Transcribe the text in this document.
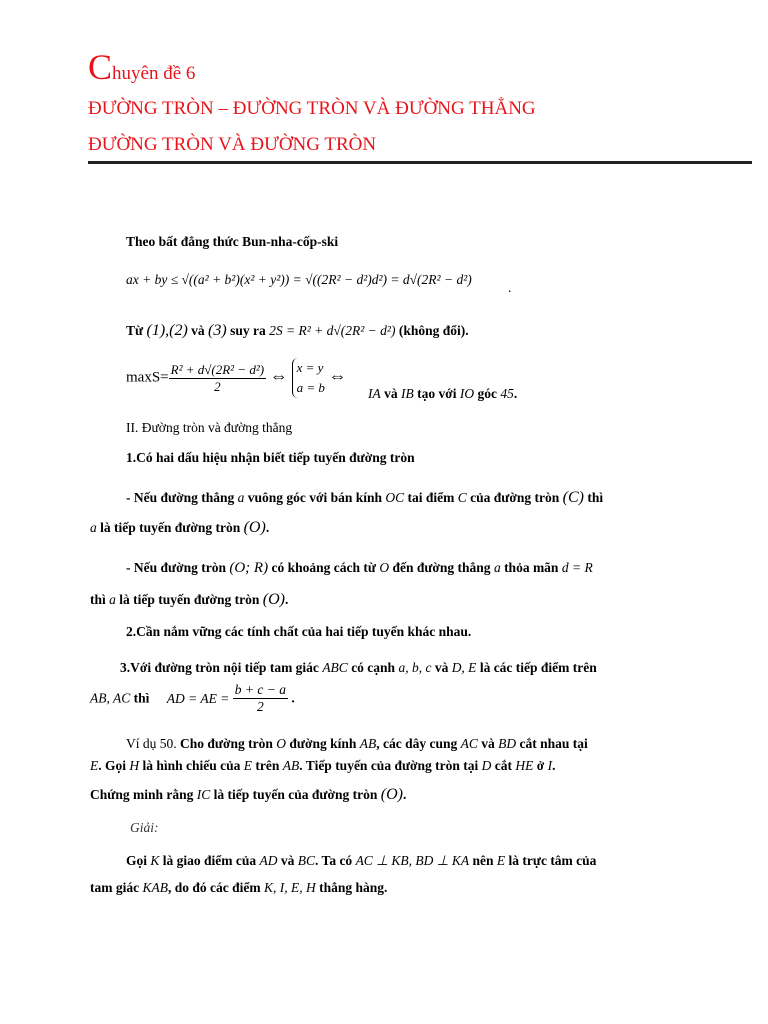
Chuyên đề 6
ĐƯỜNG TRÒN – ĐƯỜNG TRÒN VÀ ĐƯỜNG THẲNG
ĐƯỜNG TRÒN VÀ ĐƯỜNG TRÒN
Theo bất đẳng thức Bun-nha-cốp-ski
ax + by ≤ √((a² + b²)(x² + y²)) = √((2R² − d²)d²) = d√(2R² − d²)
.
Từ (1),(2) và (3) suy ra 2S = R² + d√(2R² − d²) (không đổi).
$\max S= \frac{\text{R² + d√(2R² − d²)}}{2}$ ⇔ x = y
a = b
⇔
IA và IB tạo với IO góc 45.
II. Đường tròn và đường thẳng
1.Có hai dấu hiệu nhận biết tiếp tuyến đường tròn
- Nếu đường thẳng a vuông góc với bán kính OC tai điểm C của đường tròn (C) thì
a là tiếp tuyến đường tròn (O).
- Nếu đường tròn (O; R) có khoảng cách từ O đến đường thẳng a thỏa mãn d = R
thì a là tiếp tuyến đường tròn (O).
2.Cần nắm vững các tính chất của hai tiếp tuyến khác nhau.
3.Với đường tròn nội tiếp tam giác ABC có cạnh a, b, c và D, E là các tiếp điểm trên
AB, AC thì AD = AE = $\frac{b + c - a}{2}$ .
Ví dụ 50. Cho đường tròn O đường kính AB, các dây cung AC và BD cắt nhau tại
E. Gọi H là hình chiếu của E trên AB. Tiếp tuyến của đường tròn tại D cắt HE ở I.
Chứng minh rằng IC là tiếp tuyến của đường tròn (O).
Giải:
Gọi K là giao điểm của AD và BC. Ta có AC ⊥ KB, BD ⊥ KA nên E là trực tâm của
tam giác KAB, do đó các điểm K, I, E, H thẳng hàng.
